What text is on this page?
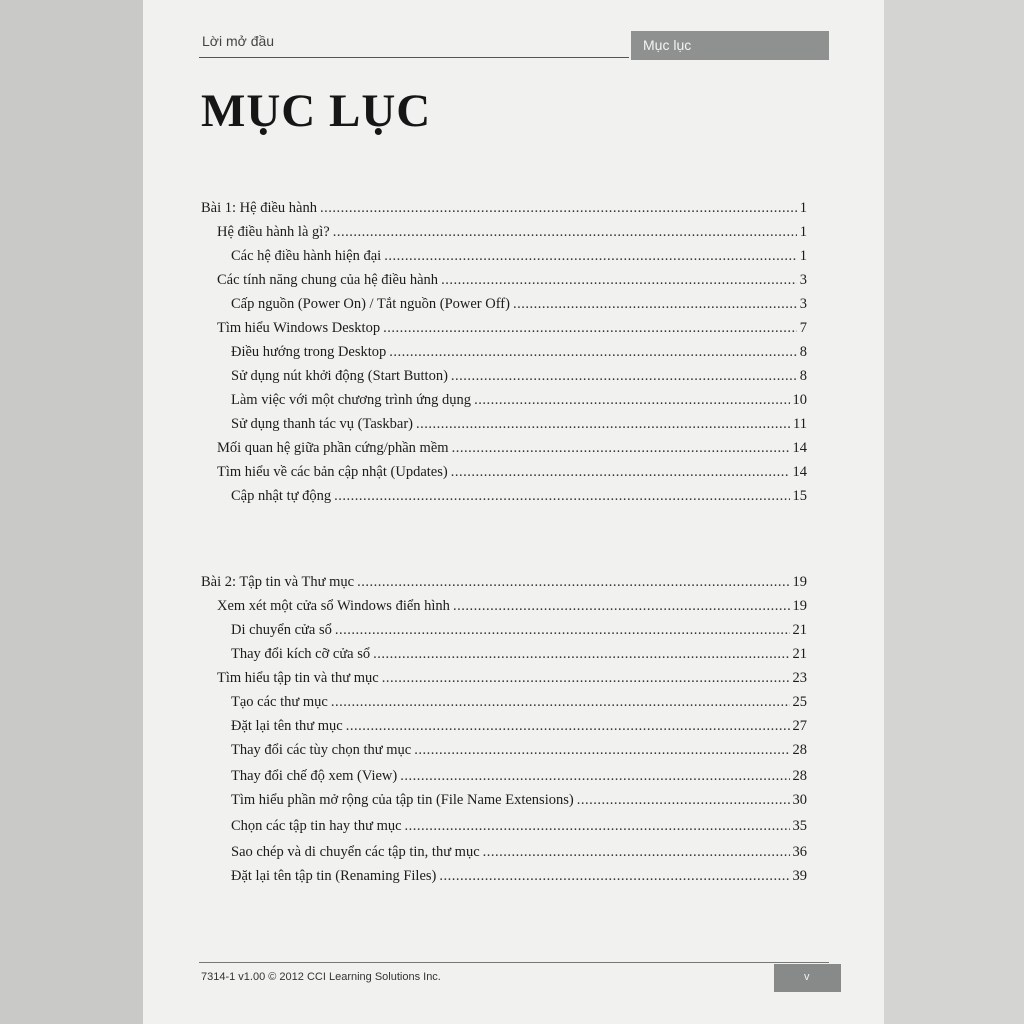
Lời mở đầu	Mục lục
MỤC LỤC
Bài 1: Hệ điều hành .....	1
Hệ điều hành là gì? .....	1
Các hệ điều hành hiện đại .....	1
Các tính năng chung của hệ điều hành .....	3
Cấp nguồn (Power On) / Tắt nguồn (Power Off) .....	3
Tìm hiểu Windows Desktop .....	7
Điều hướng trong Desktop .....	8
Sử dụng nút khởi động (Start Button) .....	8
Làm việc với một chương trình ứng dụng .....	10
Sử dụng thanh tác vụ (Taskbar) .....	11
Mối quan hệ giữa phần cứng/phần mềm .....	14
Tìm hiểu về các bản cập nhật (Updates) .....	14
Cập nhật tự động .....	15
Bài 2: Tập tin và Thư mục .....	19
Xem xét một cửa sổ Windows điển hình .....	19
Di chuyển cửa sổ .....	21
Thay đổi kích cỡ cửa sổ .....	21
Tìm hiểu tập tin và thư mục .....	23
Tạo các thư mục .....	25
Đặt lại tên thư mục .....	27
Thay đổi các tùy chọn thư mục .....	28
Thay đổi chế độ xem (View) .....	28
Tìm hiểu phần mở rộng của tập tin (File Name Extensions) .....	30
Chọn các tập tin hay thư mục .....	35
Sao chép và di chuyển các tập tin, thư mục .....	36
Đặt lại tên tập tin (Renaming Files) .....	39
7314-1 v1.00 © 2012 CCI Learning Solutions Inc.	v
